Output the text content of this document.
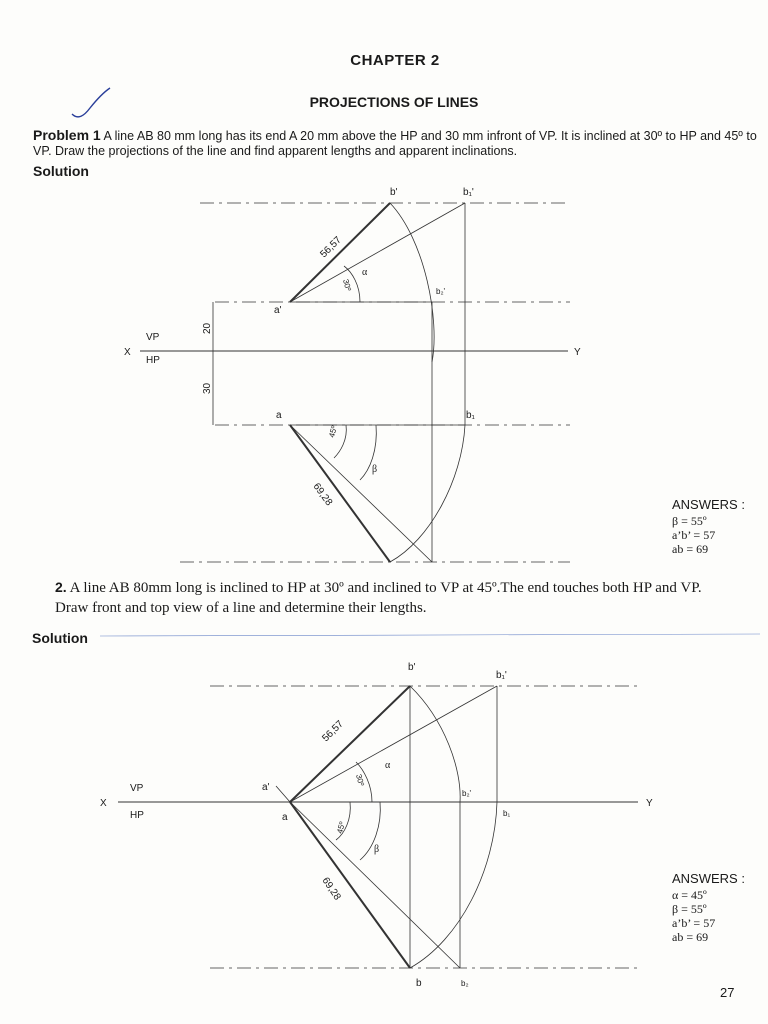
CHAPTER 2
PROJECTIONS OF LINES
Problem 1 A line AB 80 mm long has its end A 20 mm above the HP and 30 mm infront of VP. It is inclined at 30º to HP and 45º to VP. Draw the projections of the line and find apparent lengths and apparent inclinations.
Solution
b'	b₁'
b₂'
a'
a	b₁
X	Y
VP
HP
20
30
56,57
69,28
30º
45º
α
β
ANSWERS :
β = 55º
a’b’ = 57
ab = 69
2. A line AB 80mm long is inclined to HP at 30º and inclined to VP at 45º.The end touches both HP and VP. Draw front and top view of a line and determine their lengths.
Solution
b'
b₁'
b₂'
a'
a	b₁
b	b₂
X	Y
VP
HP
56,57
69,28
30º
45º
α
β
ANSWERS :
α = 45º
β = 55º
a’b’ = 57
ab = 69
27
